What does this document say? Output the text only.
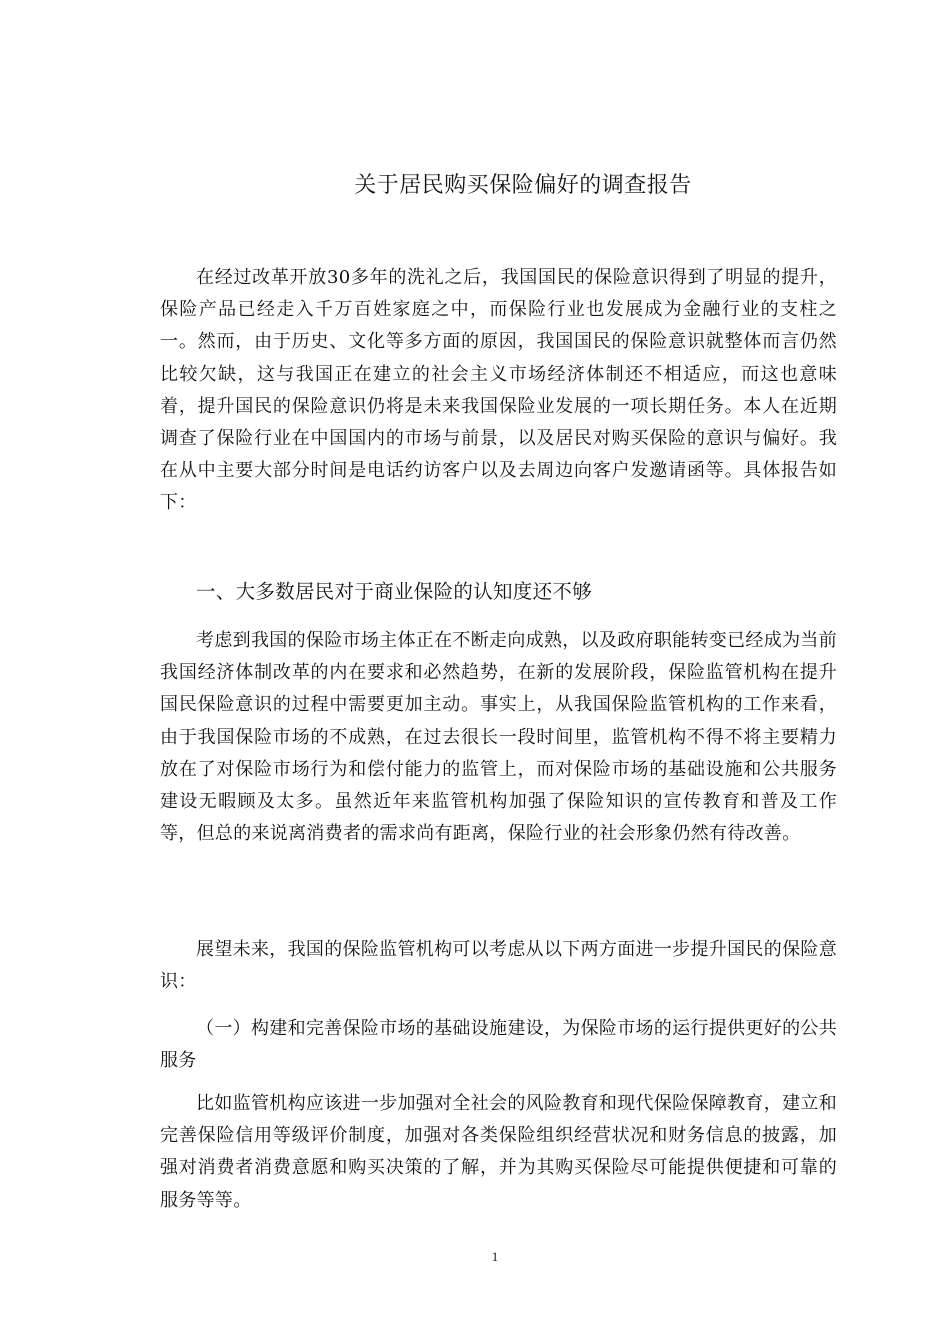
关于居民购买保险偏好的调查报告

在经过改革开放30多年的洗礼之后，我国国民的保险意识得到了明显的提升，保险产品已经走入千万百姓家庭之中，而保险行业也发展成为金融行业的支柱之一。然而，由于历史、文化等多方面的原因，我国国民的保险意识就整体而言仍然比较欠缺，这与我国正在建立的社会主义市场经济体制还不相适应，而这也意味着，提升国民的保险意识仍将是未来我国保险业发展的一项长期任务。本人在近期调查了保险行业在中国国内的市场与前景，以及居民对购买保险的意识与偏好。我在从中主要大部分时间是电话约访客户以及去周边向客户发邀请函等。具体报告如下：

一、大多数居民对于商业保险的认知度还不够

考虑到我国的保险市场主体正在不断走向成熟，以及政府职能转变已经成为当前我国经济体制改革的内在要求和必然趋势，在新的发展阶段，保险监管机构在提升国民保险意识的过程中需要更加主动。事实上，从我国保险监管机构的工作来看，由于我国保险市场的不成熟，在过去很长一段时间里，监管机构不得不将主要精力放在了对保险市场行为和偿付能力的监管上，而对保险市场的基础设施和公共服务建设无暇顾及太多。虽然近年来监管机构加强了保险知识的宣传教育和普及工作等，但总的来说离消费者的需求尚有距离，保险行业的社会形象仍然有待改善。

展望未来，我国的保险监管机构可以考虑从以下两方面进一步提升国民的保险意识：

（一）构建和完善保险市场的基础设施建设，为保险市场的运行提供更好的公共服务

比如监管机构应该进一步加强对全社会的风险教育和现代保险保障教育，建立和完善保险信用等级评价制度，加强对各类保险组织经营状况和财务信息的披露，加强对消费者消费意愿和购买决策的了解，并为其购买保险尽可能提供便捷和可靠的服务等等。

1
